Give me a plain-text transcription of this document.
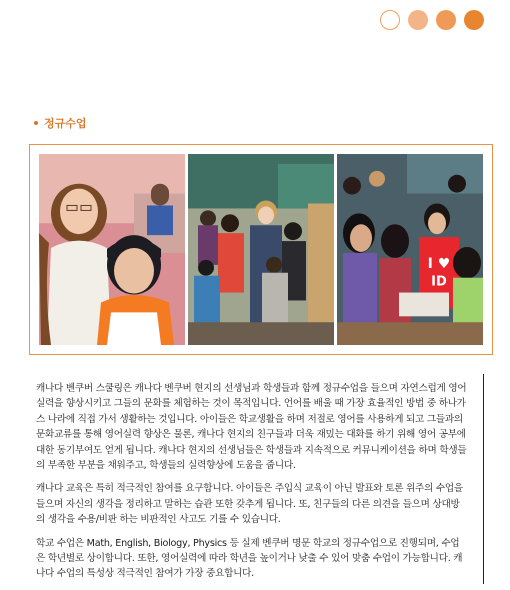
정규수업
I ♥
ID

캐나다 벤쿠버 스쿨링은 캐나다 벤쿠버 현지의 선생님과 학생들과 함께 정규수업을 들으며 자연스럽게 영어실력을 향상시키고 그들의 문화를 체험하는 것이 목적입니다. 언어를 배울 때 가장 효율적인 방법 중 하나가 스 나라에 직접 가서 생활하는 것입니다. 아이들은 학교생활을 하며 저절로 영어를 사용하게 되고 그들과의 문화교류를 통해 영어실력 향상은 물론, 캐나다 현지의 친구들과 더욱 재밌는 대화를 하기 위해 영어 공부에 대한 동기부여도 얻게 됩니다. 캐나다 현지의 선생님들은 학생들과 지속적으로 커뮤니케이션을 하며 학생들의 부족한 부분을 채워주고, 학생들의 실력향상에 도움을 줍니다.

캐나다 교육은 특히 적극적인 참여를 요구합니다. 아이들은 주입식 교육이 아닌 발표와 토론 위주의 수업을 들으며 자신의 생각을 정리하고 말하는 습관 또한 갖추게 됩니다. 또, 친구들의 다른 의견을 들으며 상대방의 생각을 수용/비판 하는 비판적인 사고도 기를 수 있습니다.

학교 수업은 Math, English, Biology, Physics 등 실제 벤쿠버 명문 학교의 정규수업으로 진행되며, 수업은 학년별로 상이합니다. 또한, 영어실력에 따라 학년을 높이거나 낮출 수 있어 맞춤 수업이 가능합니다. 캐나다 수업의 특성상 적극적인 참여가 가장 중요합니다.
